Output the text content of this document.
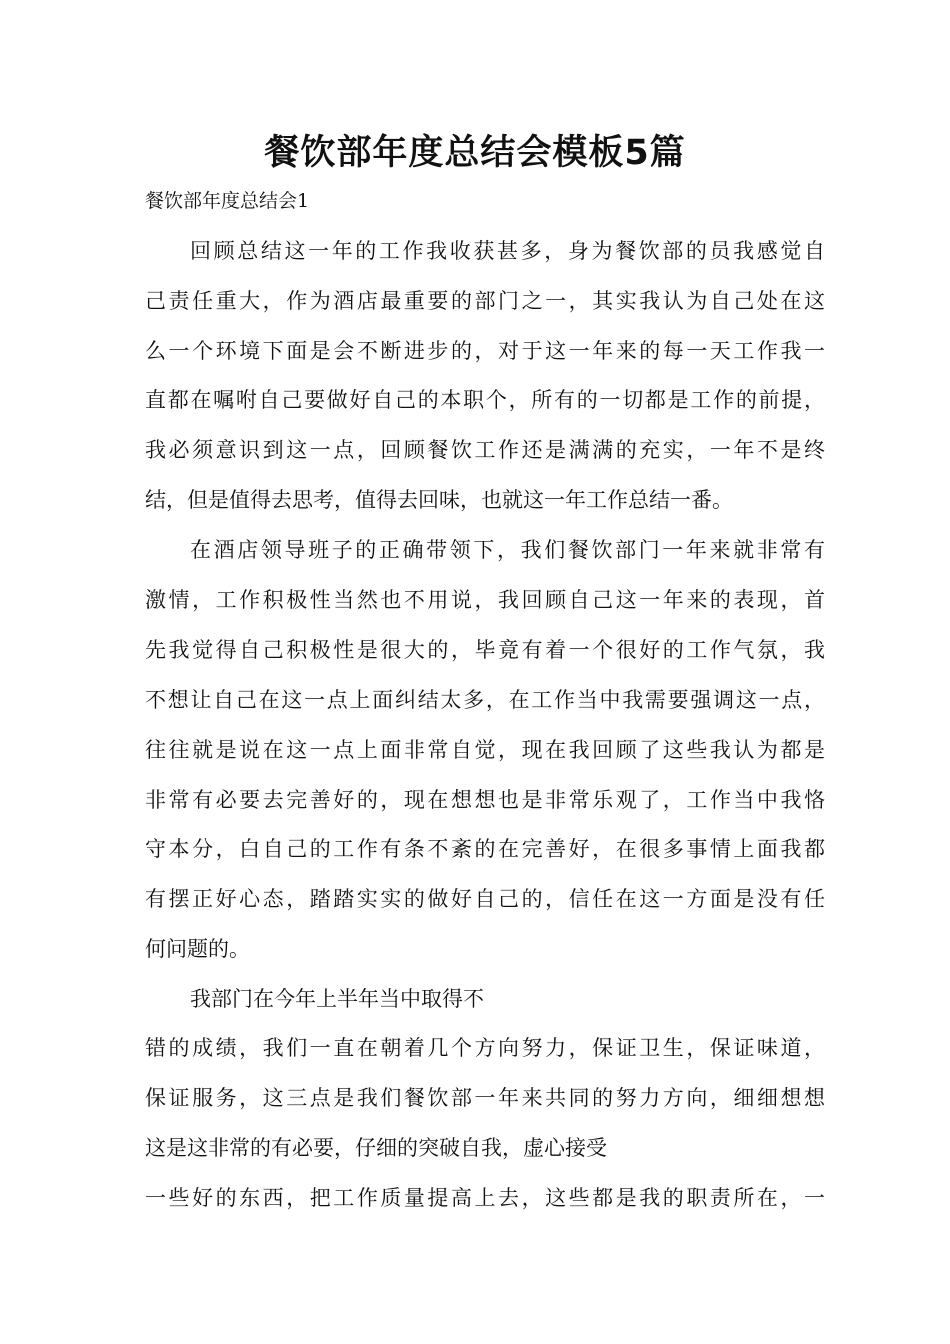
餐饮部年度总结会模板5篇
餐饮部年度总结会1
回顾总结这一年的工作我收获甚多，身为餐饮部的员我感觉自
己责任重大，作为酒店最重要的部门之一，其实我认为自己处在这
么一个环境下面是会不断进步的，对于这一年来的每一天工作我一
直都在嘱咐自己要做好自己的本职个，所有的一切都是工作的前提，
我必须意识到这一点，回顾餐饮工作还是满满的充实，一年不是终
结，但是值得去思考，值得去回味，也就这一年工作总结一番。
在酒店领导班子的正确带领下，我们餐饮部门一年来就非常有
激情，工作积极性当然也不用说，我回顾自己这一年来的表现，首
先我觉得自己积极性是很大的，毕竟有着一个很好的工作气氛，我
不想让自己在这一点上面纠结太多，在工作当中我需要强调这一点，
往往就是说在这一点上面非常自觉，现在我回顾了这些我认为都是
非常有必要去完善好的，现在想想也是非常乐观了，工作当中我恪
守本分，白自己的工作有条不紊的在完善好，在很多事情上面我都
有摆正好心态，踏踏实实的做好自己的，信任在这一方面是没有任
何问题的。
我部门在今年上半年当中取得不
错的成绩，我们一直在朝着几个方向努力，保证卫生，保证味道，
保证服务，这三点是我们餐饮部一年来共同的努力方向，细细想想
这是这非常的有必要，仔细的突破自我，虚心接受
一些好的东西，把工作质量提高上去，这些都是我的职责所在，一
